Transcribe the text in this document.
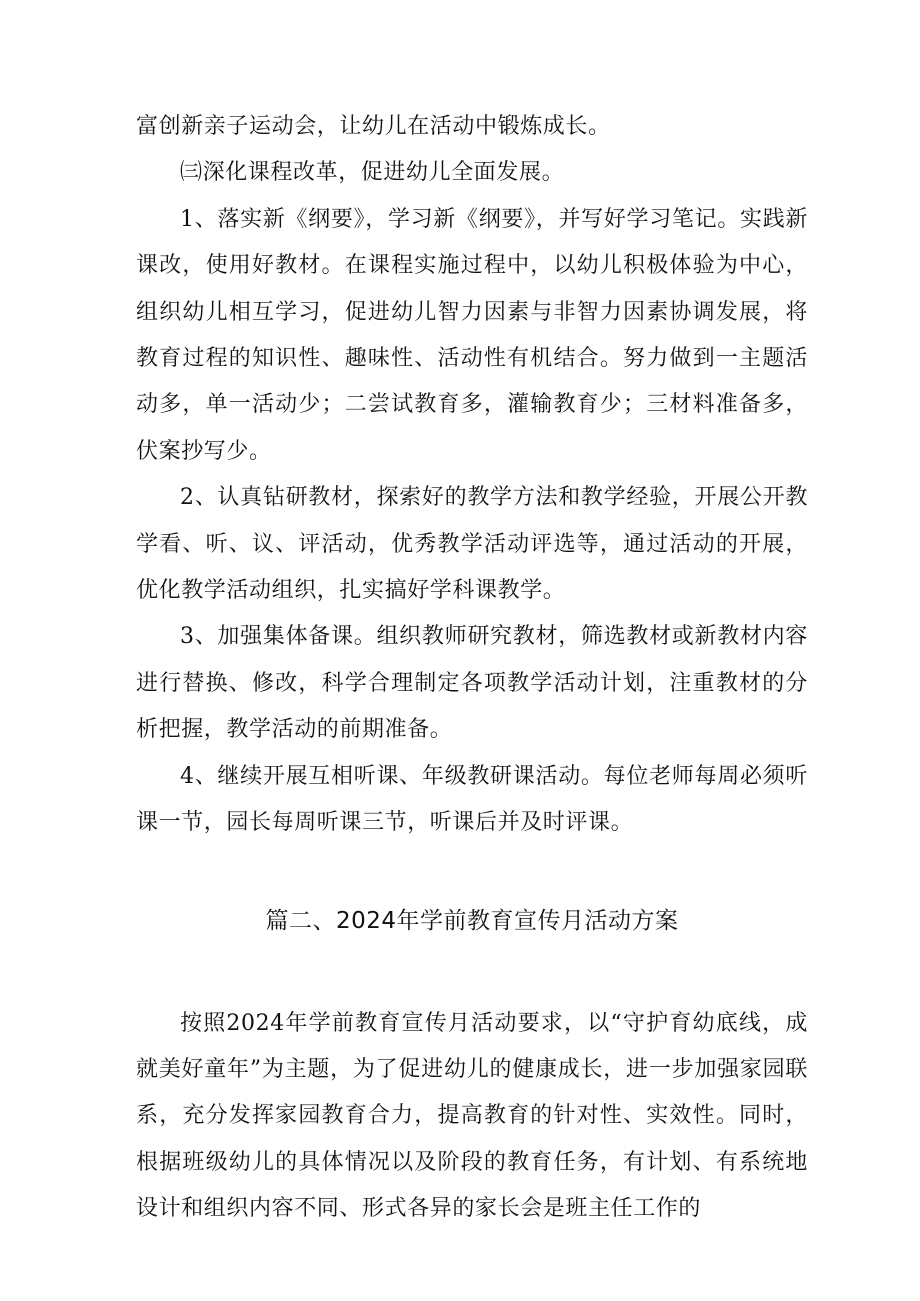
富创新亲子运动会，让幼儿在活动中锻炼成长。

㈢深化课程改革，促进幼儿全面发展。

1、落实新《纲要》，学习新《纲要》，并写好学习笔记。实践新课改，使用好教材。在课程实施过程中，以幼儿积极体验为中心，组织幼儿相互学习，促进幼儿智力因素与非智力因素协调发展，将教育过程的知识性、趣味性、活动性有机结合。努力做到一主题活动多，单一活动少；二尝试教育多，灌输教育少；三材料准备多，伏案抄写少。

2、认真钻研教材，探索好的教学方法和教学经验，开展公开教学看、听、议、评活动，优秀教学活动评选等，通过活动的开展，优化教学活动组织，扎实搞好学科课教学。

3、加强集体备课。组织教师研究教材，筛选教材或新教材内容进行替换、修改，科学合理制定各项教学活动计划，注重教材的分析把握，教学活动的前期准备。

4、继续开展互相听课、年级教研课活动。每位老师每周必须听课一节，园长每周听课三节，听课后并及时评课。

篇二、2024年学前教育宣传月活动方案

按照2024年学前教育宣传月活动要求，以“守护育幼底线，成就美好童年”为主题，为了促进幼儿的健康成长，进一步加强家园联系，充分发挥家园教育合力，提高教育的针对性、实效性。同时，根据班级幼儿的具体情况以及阶段的教育任务，有计划、有系统地设计和组织内容不同、形式各异的家长会是班主任工作的
